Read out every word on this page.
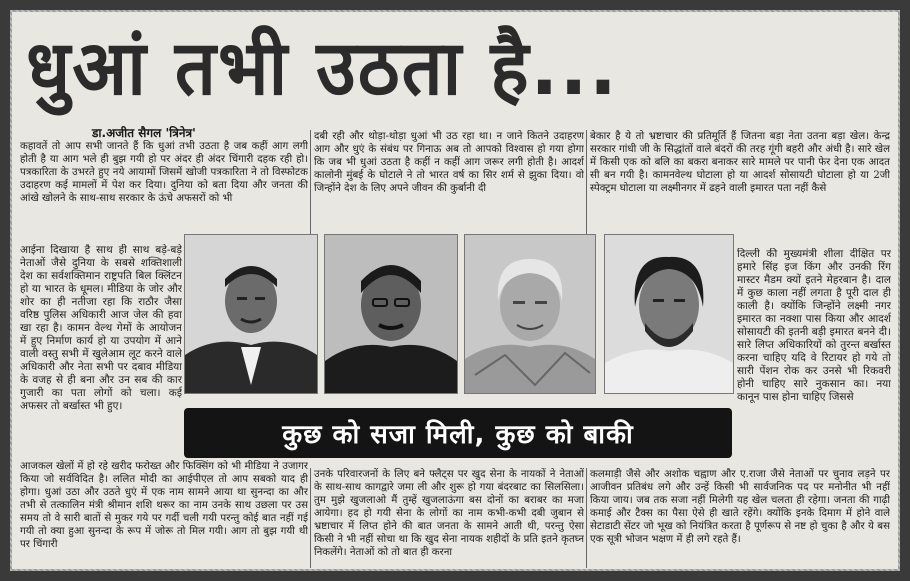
धुआं तभी उठता है...
डा.अजीत सैगल 'त्रिनेत्र'
कहावतें तो आप सभी जानते हैं कि धुआं तभी उठता है जब कहीं आग लगी होती है या आग भले ही बुझ गयी हो पर अंदर ही अंदर चिंगारी दहक रही हो। पत्रकारिता के उभरते हुए नये आयामों जिसमें खोजी पत्रकारिता ने तो विस्फोटक उदाहरण कई मामलों में पेश कर दिया। दुनिया को बता दिया और जनता की आंखे खोलने के साथ-साथ सरकार के ऊंचे अफसरों को भी
आईना दिखाया है साथ ही साथ बड़े-बड़े नेताओं जैसे दुनिया के सबसे शक्तिशाली देश का सर्वशक्तिमान राष्ट्रपति बिल क्लिंटन हो या भारत के धूमल। मीडिया के जोर और शोर का ही नतीजा रहा कि राठौर जैसा वरिष्ठ पुलिस अधिकारी आज जेल की हवा खा रहा है। कामन वेल्थ गेमों के आयोजन में हुए निर्माण कार्य हो या उपयोग में आने वाली वस्तु सभी में खुलेआम लूट करने वाले अधिकारी और नेता सभी पर दबाव मीडिया के वजह से ही बना और उन सब की कार गुजारी का पता लोगों को चला। कई अफसर तो बर्खास्त भी हुए।
दबी रही और थोड़ा-थोड़ा धुआं भी उठ रहा था। न जाने कितने उदाहरण आग और धुएं के संबंध पर गिनाऊ अब तो आपको विश्वास हो गया होगा कि जब भी धुआं उठता है कहीं न कहीं आग जरूर लगी होती है। आदर्श कालोनी मुंबई के घोटाले ने तो भारत वर्ष का सिर शर्म से झुका दिया। वो जिन्होंने देश के लिए अपने जीवन की कुर्बानी दी
बेकार है ये तो भ्रष्टाचार की प्रतिमूर्ति हैं जितना बड़ा नेता उतना बड़ा खेल। केन्द्र सरकार गांधी जी के सिद्धांतों वाले बंदरों की तरह गूंगी बहरी और अंधी है। सारे खेल में किसी एक को बलि का बकरा बनाकर सारे मामले पर पानी फेर देना एक आदत सी बन गयी है। कामनवेल्थ घोटाला हो या आदर्श सोसायटी घोटाला हो या 2जी स्पेक्ट्रम घोटाला या लक्ष्मीनगर में ढहने वाली इमारत पता नहीं कैसे
दिल्ली की मुख्यमंत्री शीला दीक्षित पर हमारे सिंह इज किंग और उनकी रिंग मास्टर मैडम क्यों इतने मेहरबान है। दाल में कुछ काला नहीं लगता है पूरी दाल ही काली है। क्योंकि जिन्होंने लक्ष्मी नगर इमारत का नक्शा पास किया और आदर्श सोसायटी की इतनी बड़ी इमारत बनने दी। सारे लिप्त अधिकारियों को तुरन्त बर्खास्त करना चाहिए यदि वे रिटायर हो गये तो सारी पेंशन रोक कर उनसे भी रिकवरी होनी चाहिए सारे नुकसान का। नया कानून पास होना चाहिए जिससे
कुछ को सजा मिली, कुछ को बाकी
आजकल खेलों में हो रहे खरीद फरोख्त और फिक्सिंग को भी मीडिया ने उजागर किया जो सर्वविदित है। ललित मोदी का आईपीएल तो आप सबको याद ही होगा। धुआं उठा और उठते धुएं में एक नाम सामने आया था सुनन्दा का और तभी से तत्कालिन मंत्री श्रीमान शशि थरूर का नाम उनके साथ उछला पर उस समय तो वे सारी बातों से मुकर गये पर गर्दी चली गयी परन्तु कोई बात नहीं गई गयी तो क्या हुआ सुनन्दा के रूप में जोरू तो मिल गयी। आग तो बुझ गयी थी पर चिंगारी
उनके परिवारजनों के लिए बने फ्लैट्स पर खुद सेना के नायकों ने नेताओं के साथ-साथ कागद्वारे जमा ली और शुरू हो गया बंदरबाट का सिलसिला। तुम मुझे खुजलाओ मैं तुम्हें खुजलाऊंगा बस दोनों का बराबर का मजा आयेगा। हद हो गयी सेना के लोगों का नाम कभी-कभी दबी जुबान से भ्रष्टाचार में लिप्त होने की बात जनता के सामने आती थी, परन्तु ऐसा किसी ने भी नहीं सोचा था कि खुद सेना नायक शहीदों के प्रति इतने कृतघ्न निकलेंगे। नेताओं को तो बात ही करना
कलमाड़ी जैसे और अशोक चह्वाण और ए.राजा जैसे नेताओं पर चुनाव लड़ने पर आजीवन प्रतिबंध लगे और उन्हें किसी भी सार्वजनिक पद पर मनोनीत भी नहीं किया जाय। जब तक सजा नहीं मिलेगी यह खेल चलता ही रहेगा। जनता की गाढ़ी कमाई और टैक्स का पैसा ऐसे ही खाते रहेंगे। क्योंकि इनके दिमाग में होने वाले सेटाडाटी सेंटर जो भूख को नियंत्रित करता है पूर्णरूप से नष्ट हो चुका है और ये बस एक सूत्री भोजन भक्षण में ही लगे रहते हैं।
